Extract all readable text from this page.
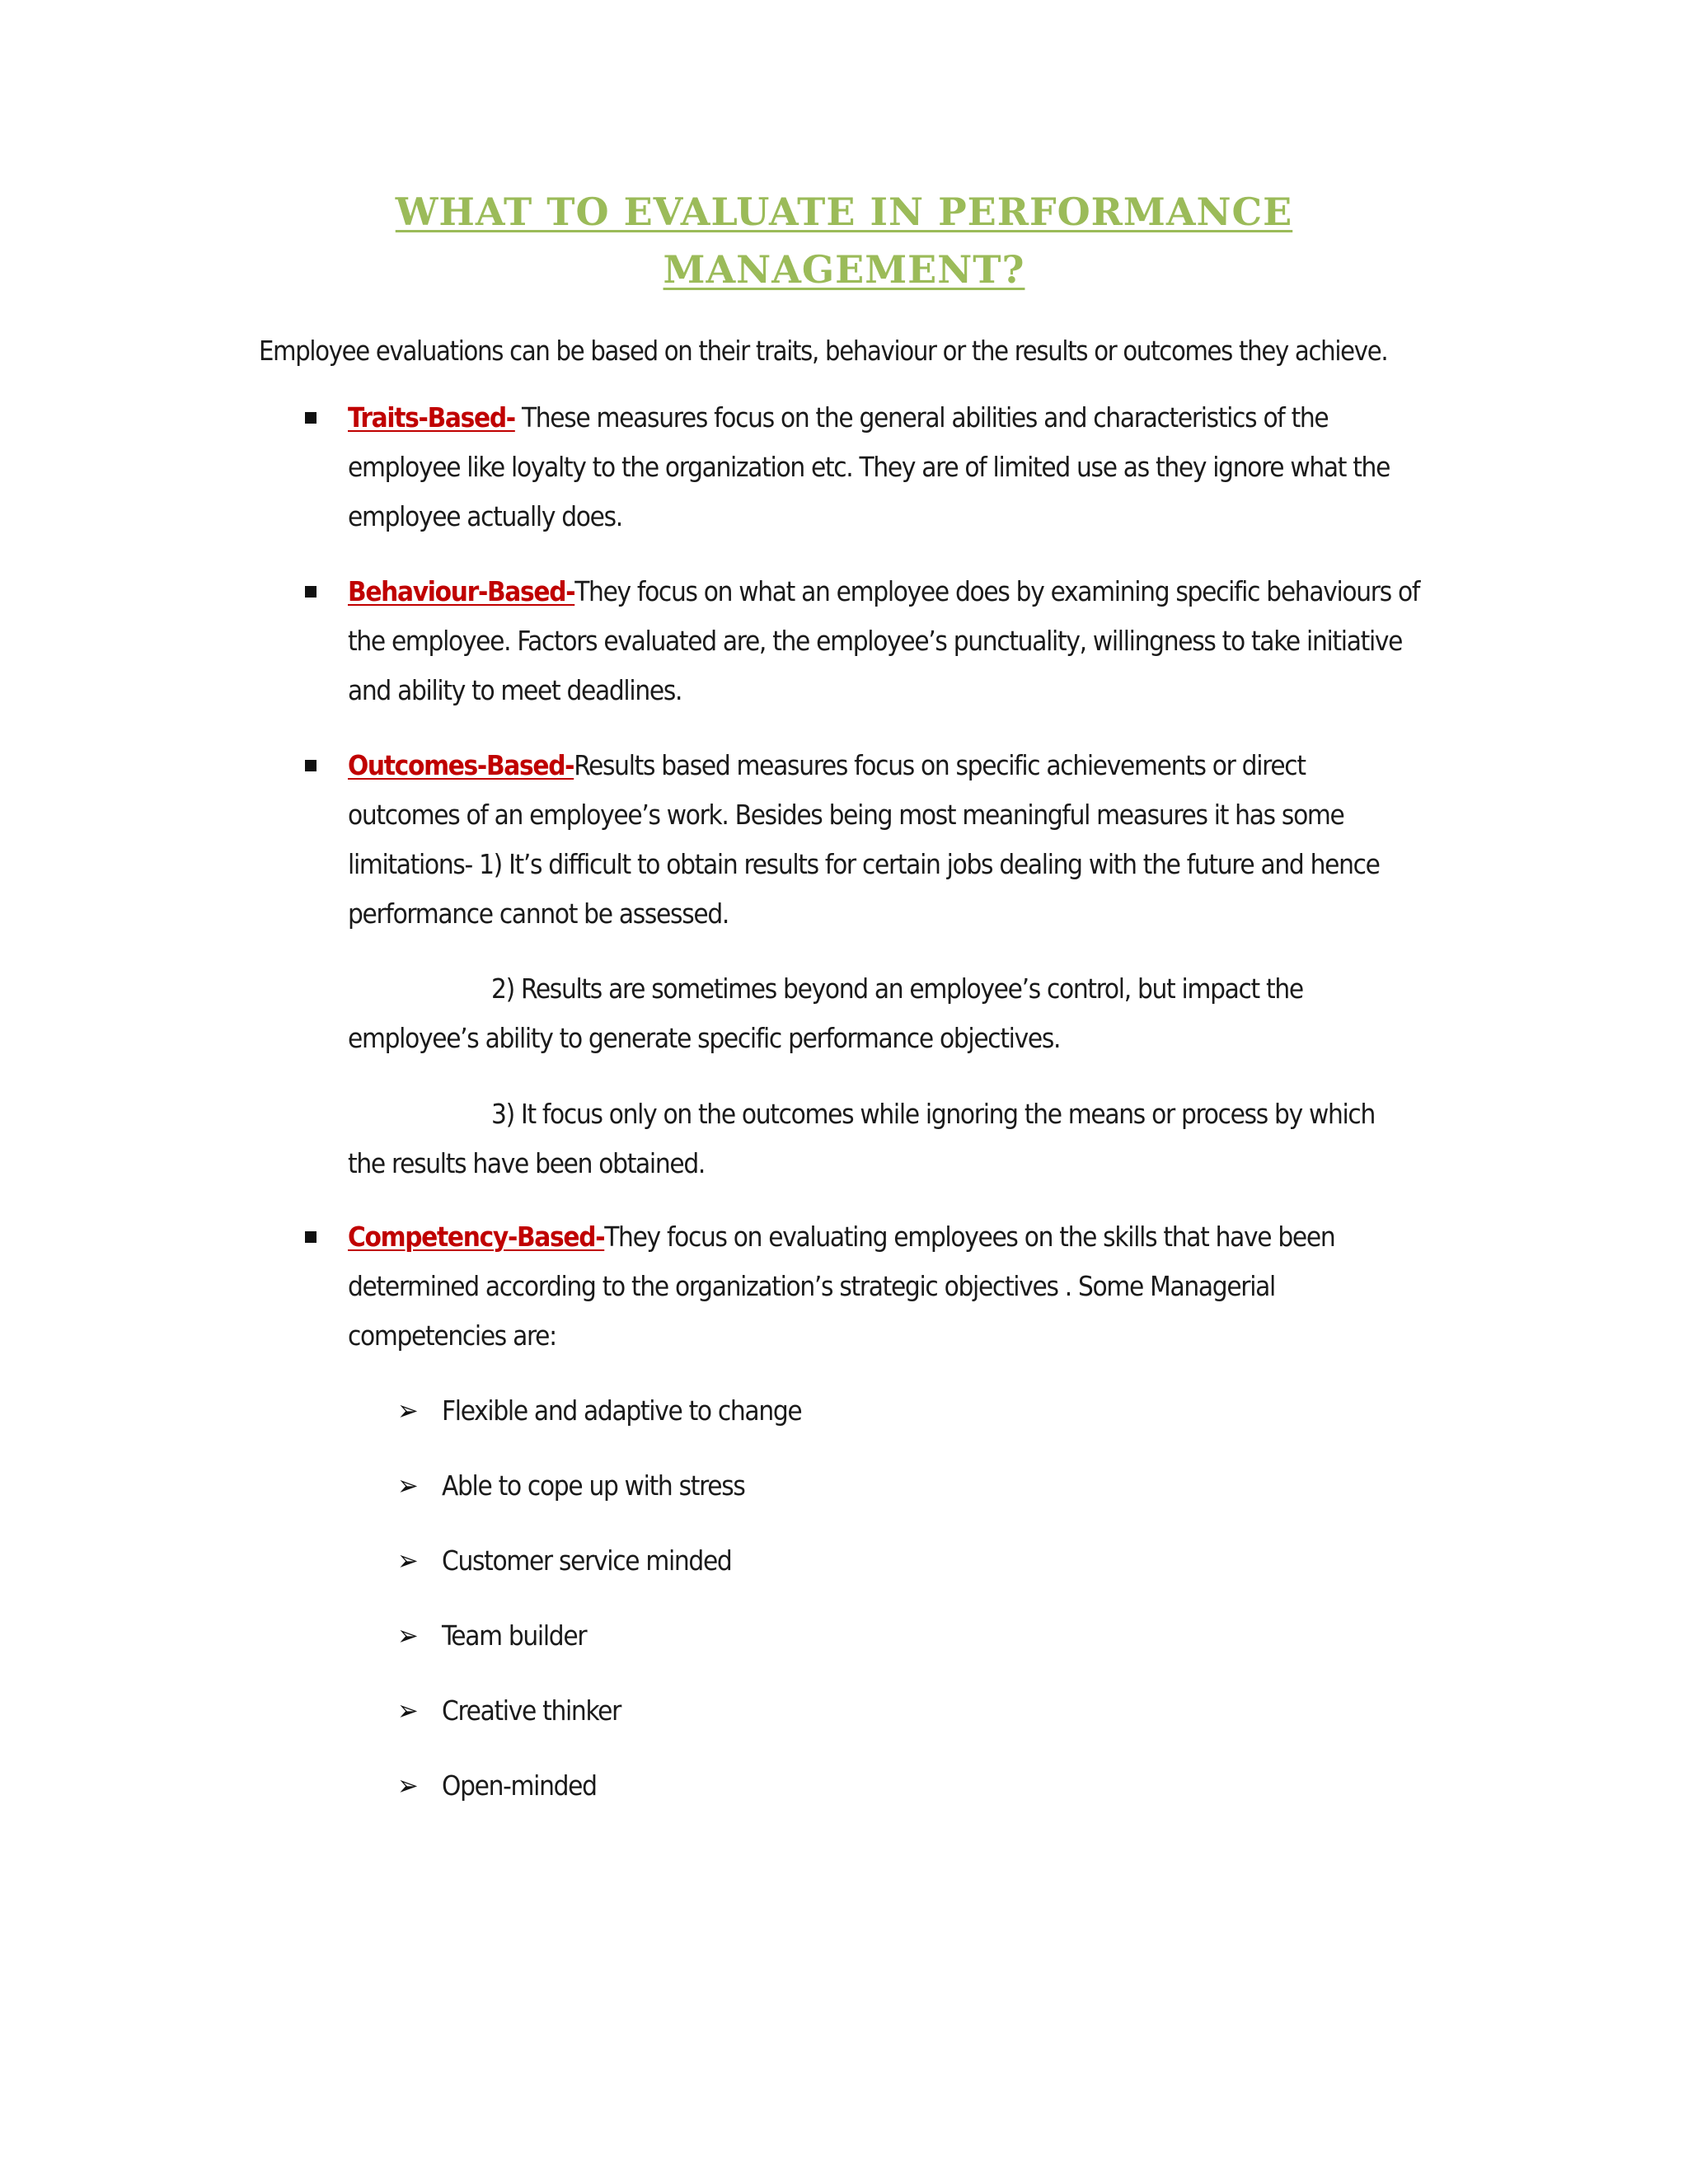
WHAT TO EVALUATE IN PERFORMANCE
MANAGEMENT?
Employee evaluations can be based on their traits, behaviour or the results or outcomes they achieve.
Traits-Based- These measures focus on the general abilities and characteristics of the
employee like loyalty to the organization etc. They are of limited use as they ignore what the
employee actually does.
Behaviour-Based-They focus on what an employee does by examining specific behaviours of
the employee. Factors evaluated are, the employee’s punctuality, willingness to take initiative
and ability to meet deadlines.
Outcomes-Based-Results based measures focus on specific achievements or direct
outcomes of an employee’s work. Besides being most meaningful measures it has some
limitations- 1) It’s difficult to obtain results for certain jobs dealing with the future and hence
performance cannot be assessed.
2) Results are sometimes beyond an employee’s control, but impact the
employee’s ability to generate specific performance objectives.
3) It focus only on the outcomes while ignoring the means or process by which
the results have been obtained.
Competency-Based-They focus on evaluating employees on the skills that have been
determined according to the organization’s strategic objectives . Some Managerial
competencies are:
➢ Flexible and adaptive to change
➢ Able to cope up with stress
➢ Customer service minded
➢ Team builder
➢ Creative thinker
➢ Open-minded
